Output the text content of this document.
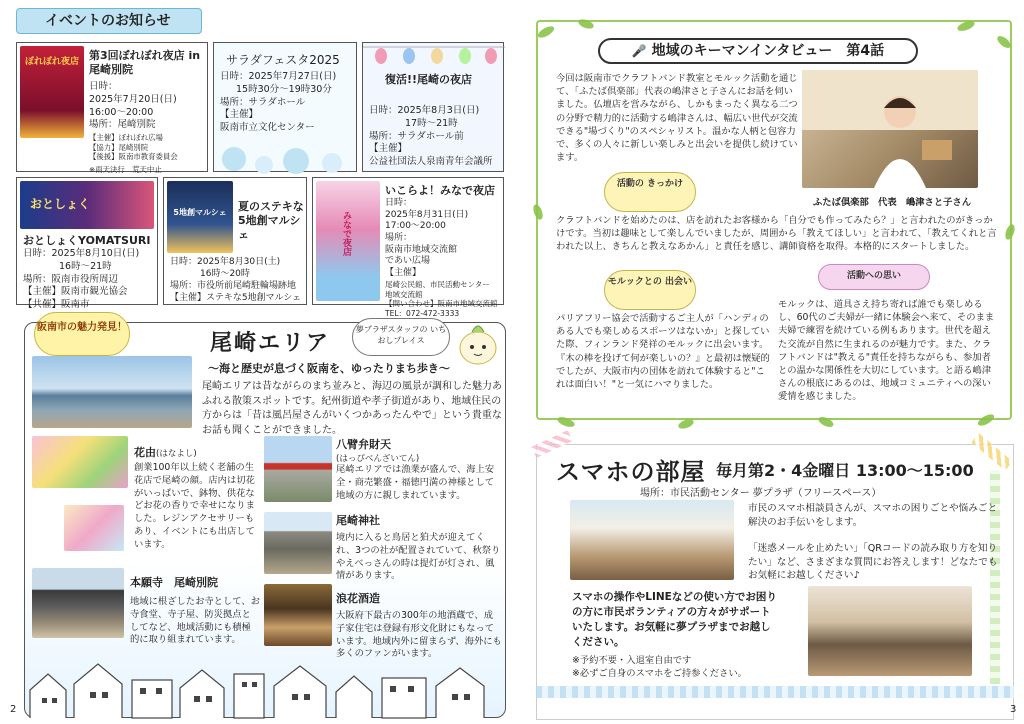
イベントのお知らせ
ぼれぼれ夜店 第3回ぼれぼれ夜店 in 尾崎別院

日時：

2025年7月20日(日)

16:00〜20:00

場所：尾崎別院

【主催】ぼれぼれ広場

【協力】尾崎別院

【後援】阪南市教育委員会

※雨天決行　荒天中止

サラダフェスタ2025

日時：2025年7月27日(日)

15時30分〜19時30分

場所：サラダホール

【主催】

阪南市立文化センター

復活!!尾崎の夜店

日時：2025年8月3日(日)

17時〜21時

場所：サラダホール前

【主催】

公益社団法人泉南青年会議所

おとしょく
おとしょくYOMATSURI

日時：2025年8月10日(日)

16時〜21時

場所：阪南市役所周辺

【主催】阪南市観光協会

【共催】阪南市

5地創マルシェ	夏のステキな 5地創マルシェ

日時：2025年8月30日(土)

16時〜20時

場所：市役所前尾崎駐輪場跡地

【主催】ステキな5地創マルシェ

みなで夜店
いこらよ！みなで夜店

日時：

2025年8月31日(日)

17:00〜20:00

場所：

阪南市地域交流館

であい広場

【主催】

尾崎公民館、市民活動センター

地域交流館

【問い合わせ】阪南市地域交流館

TEL：072-472-3333

阪南市の魅力発見！
尾崎エリア
夢プラザスタッフの いちおしプレイス
〜海と歴史が息づく阪南を、ゆったりまち歩き〜
尾崎エリアは昔ながらのまち並みと、海辺の風景が調和した魅力あふれる散策スポットです。紀州街道や孝子街道があり、地域住民の方からは「昔は風呂屋さんがいくつかあったんやで」という貴重なお話も聞くことができました。
花由(はなよし)
創業100年以上続く老舗の生花店で尾崎の顔。店内は切花がいっぱいで、鉢物、供花などお花の香りで幸せになりました。レジンアクセサリーもあり、イベントにも出店しています。
八臂弁財天
(はっぴべんざいてん)
尾崎エリアでは漁業が盛んで、海上安全・商売繁盛・福徳円満の神様として地域の方に親しまれています。
尾崎神社
境内に入ると鳥居と狛犬が迎えてくれ、3つの社が配置されていて、秋祭りやえべっさんの時は提灯が灯され、風情があります。
本願寺　尾崎別院
地域に根ざしたお寺として、お寺食堂、寺子屋、防災拠点としてなど、地域活動にも積極的に取り組まれています。
浪花酒造
大阪府下最古の300年の地酒蔵で、成子家住宅は登録有形文化財にもなっています。地域内外に留まらず、海外にも多くのファンがいます。
2
🎤 地域のキーマンインタビュー　第4話
今回は阪南市でクラフトバンド教室とモルック活動を通じて、「ふたば倶楽部」代表の嶋津さと子さんにお話を伺いました。仏壇店を営みながら、しかもまったく異なる二つの分野で精力的に活動する嶋津さんは、幅広い世代が交流できる"場づくり"のスペシャリスト。温かな人柄と包容力で、多くの人々に新しい楽しみと出会いを提供し続けています。
ふたば倶楽部　代表　嶋津さと子さん
活動の きっかけ
クラフトバンドを始めたのは、店を訪れたお客様から「自分でも作ってみたら？」と言われたのがきっかけです。当初は趣味として楽しんでいましたが、周囲から「教えてほしい」と言われて、「教えてくれと言われた以上、きちんと教えなあかん」と責任を感じ、講師資格を取得。本格的にスタートしました。
モルックとの 出会い
パリアフリー協会で活動するご主人が「ハンディのある人でも楽しめるスポーツはないか」と探していた際、フィンランド発祥のモルックに出会います。『木の棒を投げて何が楽しいの？』と最初は懐疑的でしたが、大阪市内の団体を訪れて体験すると"これは面白い！"と一気にハマりました。
活動への思い
モルックは、道具さえ持ち寄れば誰でも楽しめるし、60代のご夫婦が一緒に体験会へ来て、そのまま夫婦で練習を続けている例もあります。世代を超えた交流が自然に生まれるのが魅力です。また、クラフトバンドは"教える"責任を持ちながらも、参加者との温かな関係性を大切にしています。と語る嶋津さんの根底にあるのは、地域コミュニティへの深い愛情を感じました。
スマホの部屋 毎月第2・4金曜日 13:00〜15:00
場所：市民活動センター 夢プラザ（フリースペース）
市民のスマホ相談員さんが、スマホの困りごとや悩みごと解決のお手伝いをします。
「迷惑メールを止めたい」「QRコードの読み取り方を知りたい」など、さまざまな質問にお答えします！どなたでもお気軽にお越しください♪
スマホの操作やLINEなどの使い方でお困りの方に市民ボランティアの方々がサポートいたします。お気軽に夢プラザまでお越しください。

※予約不要・入退室自由です

※必ずご自身のスマホをご持参ください。

3
